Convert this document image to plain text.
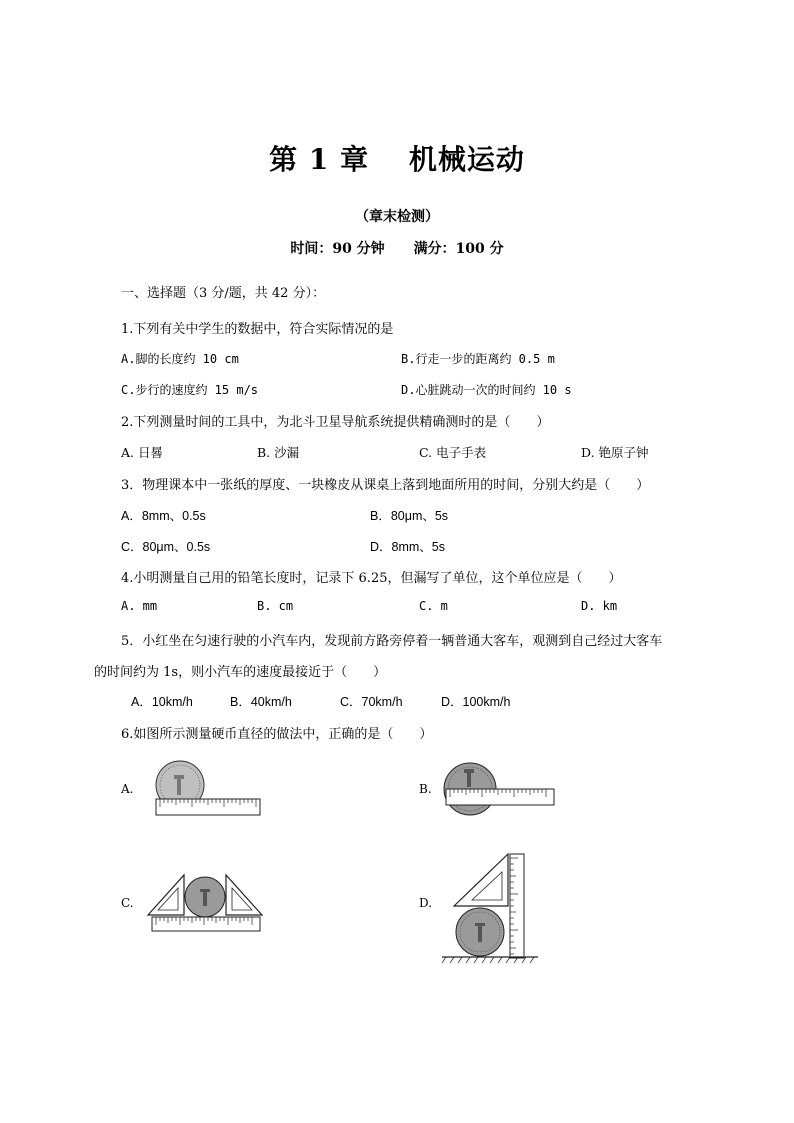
第 1 章　 机械运动
（章末检测）
时间：90 分钟 满分：100 分
一、选择题（3 分/题，共 42 分）：
1.下列有关中学生的数据中，符合实际情况的是
A.脚的长度约 10 cm	B.行走一步的距离约 0.5 m
C.步行的速度约 15 m/s	D.心脏跳动一次的时间约 10 s
2.下列测量时间的工具中，为北斗卫星导航系统提供精确测时的是（　　）
A. 日晷	B. 沙漏	C. 电子手表	D. 铯原子钟
3．物理课本中一张纸的厚度、一块橡皮从课桌上落到地面所用的时间，分别大约是（　　）
A．8mm、0.5s	B．80μm、5s
C．80μm、0.5s	D．8mm、5s
4.小明测量自己用的铅笔长度时，记录下 6.25，但漏写了单位，这个单位应是（　　）
A. mm	B. cm	C. m	D. km
5．小红坐在匀速行驶的小汽车内，发现前方路旁停着一辆普通大客车，观测到自己经过大客车
的时间约为 1s，则小汽车的速度最接近于（　　）
A．10km/h	B．40km/h	C．70km/h	D．100km/h
6.如图所示测量硬币直径的做法中，正确的是（　　）
A.	B.
C.	D.
